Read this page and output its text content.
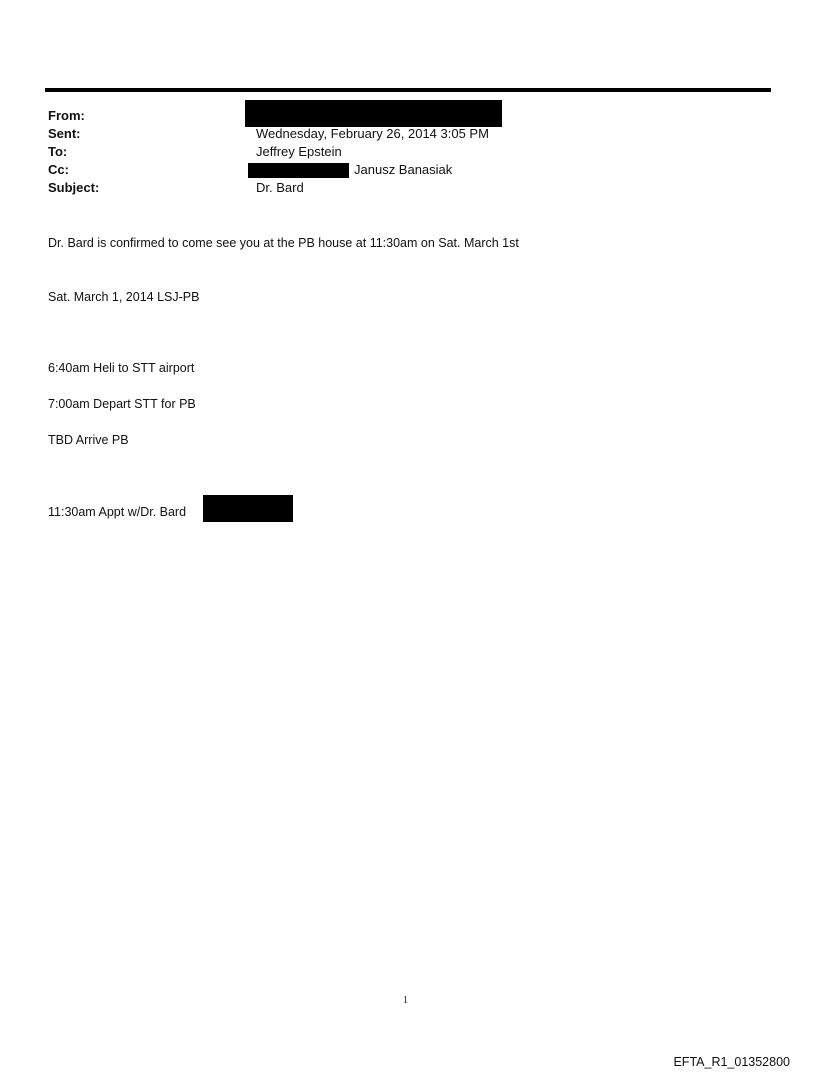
From:
Sent:	Wednesday, February 26, 2014 3:05 PM
To:	Jeffrey Epstein
Cc:	Janusz Banasiak
Subject:	Dr. Bard
Dr. Bard is confirmed to come see you at the PB house at 11:30am on Sat. March 1st
Sat. March 1, 2014 LSJ-PB
6:40am Heli to STT airport
7:00am Depart STT for PB
TBD Arrive PB
11:30am Appt w/Dr. Bard
1
EFTA_R1_01352800
